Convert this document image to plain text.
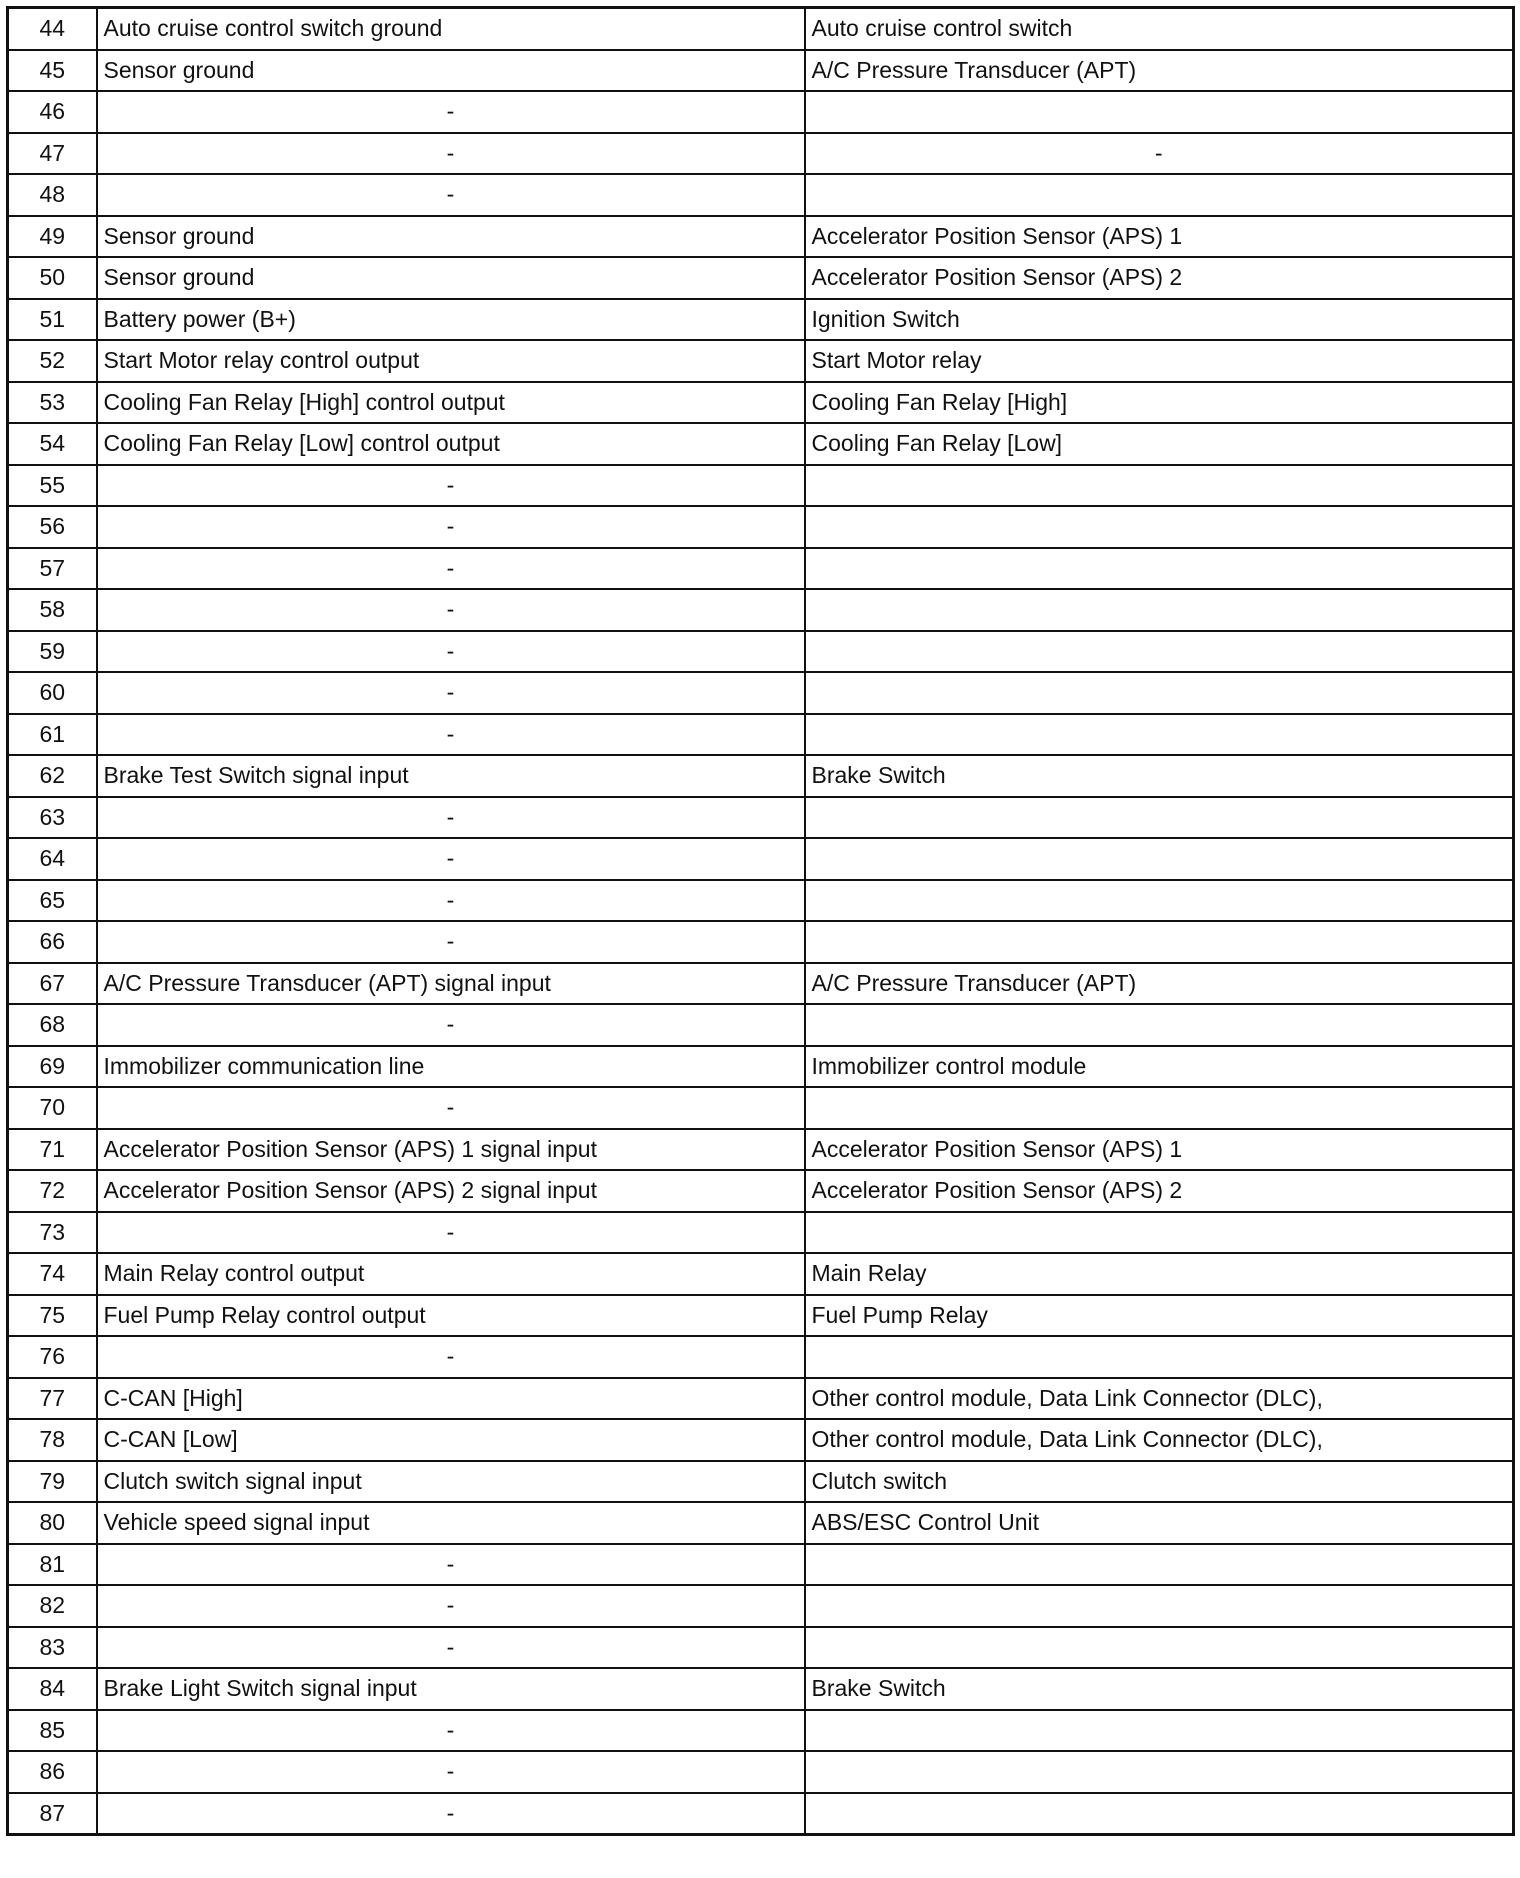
44	Auto cruise control switch ground	Auto cruise control switch
45	Sensor ground	A/C Pressure Transducer (APT)
46	-	
47	-	-
48	-	
49	Sensor ground	Accelerator Position Sensor (APS) 1
50	Sensor ground	Accelerator Position Sensor (APS) 2
51	Battery power (B+)	Ignition Switch
52	Start Motor relay control output	Start Motor relay
53	Cooling Fan Relay [High] control output	Cooling Fan Relay [High]
54	Cooling Fan Relay [Low] control output	Cooling Fan Relay [Low]
55	-	
56	-	
57	-	
58	-	
59	-	
60	-	
61	-	
62	Brake Test Switch signal input	Brake Switch
63	-	
64	-	
65	-	
66	-	
67	A/C Pressure Transducer (APT) signal input	A/C Pressure Transducer (APT)
68	-	
69	Immobilizer communication line	Immobilizer control module
70	-	
71	Accelerator Position Sensor (APS) 1 signal input	Accelerator Position Sensor (APS) 1
72	Accelerator Position Sensor (APS) 2 signal input	Accelerator Position Sensor (APS) 2
73	-	
74	Main Relay control output	Main Relay
75	Fuel Pump Relay control output	Fuel Pump Relay
76	-	
77	C-CAN [High]	Other control module, Data Link Connector (DLC),
78	C-CAN [Low]	Other control module, Data Link Connector (DLC),
79	Clutch switch signal input	Clutch switch
80	Vehicle speed signal input	ABS/ESC Control Unit
81	-	
82	-	
83	-	
84	Brake Light Switch signal input	Brake Switch
85	-	
86	-	
87	-	
